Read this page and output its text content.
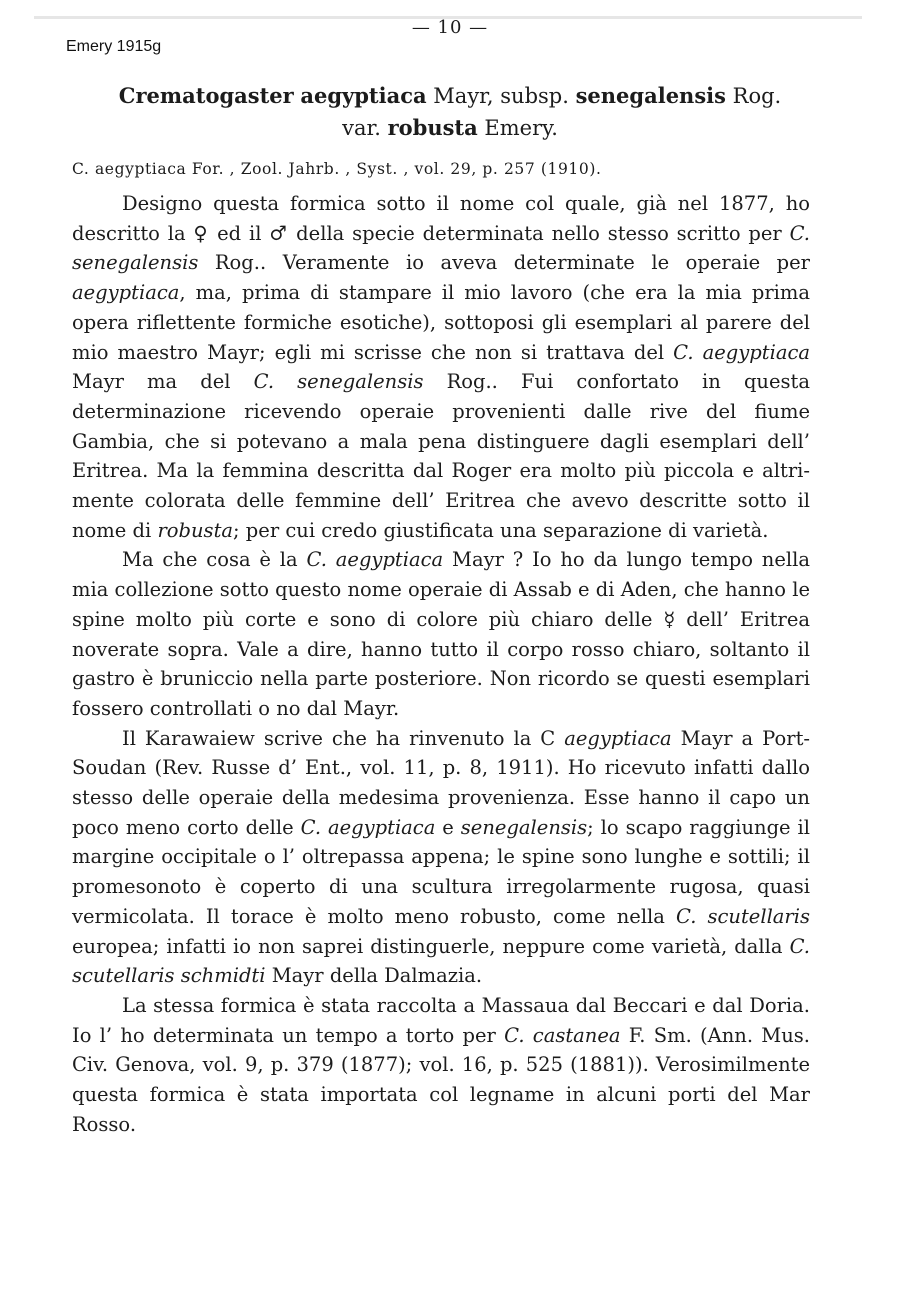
Emery 1915g
— 10 —
Crematogaster aegyptiaca Mayr, subsp. senegalensis Rog.
var. robusta Emery.
C. aegyptiaca For. , Zool. Jahrb. , Syst. , vol. 29, p. 257 (1910).

Designo questa formica sotto il nome col quale, già nel 1877, ho descritto la ♀ ed il ♂ della specie determinata nello stesso scritto per C. senegalensis Rog.. Veramente io aveva determinate le operaie per aegyptiaca, ma, prima di stampare il mio lavoro (che era la mia prima opera riflettente formiche esotiche), sottoposi gli esemplari al parere del mio maestro Mayr; egli mi scrisse che non si trattava del C. aegyptiaca Mayr ma del C. senegalensis Rog.. Fui confortato in questa determinazione ricevendo operaie provenienti dalle rive del fiume Gambia, che si potevano a mala pena distinguere dagli esemplari dell’ Eritrea. Ma la femmina descritta dal Roger era molto più piccola e altrimente colorata delle femmine dell’ Eritrea che avevo descritte sotto il nome di robusta; per cui credo giustificata una separazione di varietà.

Ma che cosa è la C. aegyptiaca Mayr ? Io ho da lungo tempo nella mia collezione sotto questo nome operaie di Assab e di Aden, che hanno le spine molto più corte e sono di colore più chiaro delle ☿ dell’ Eritrea noverate sopra. Vale a dire, hanno tutto il corpo rosso chiaro, soltanto il gastro è bruniccio nella parte posteriore. Non ricordo se questi esemplari fossero controllati o no dal Mayr.

Il Karawaiew scrive che ha rinvenuto la C aegyptiaca Mayr a Port-Soudan (Rev. Russe d’ Ent., vol. 11, p. 8, 1911). Ho ricevuto infatti dallo stesso delle operaie della medesima provenienza. Esse hanno il capo un poco meno corto delle C. aegyptiaca e senegalensis; lo scapo raggiunge il margine occipitale o l’ oltrepassa appena; le spine sono lunghe e sottili; il promesonoto è coperto di una scultura irregolarmente rugosa, quasi vermicolata. Il torace è molto meno robusto, come nella C. scutellaris europea; infatti io non saprei distinguerle, neppure come varietà, dalla C. scutellaris schmidti Mayr della Dalmazia.

La stessa formica è stata raccolta a Massaua dal Beccari e dal Doria. Io l’ ho determinata un tempo a torto per C. castanea F. Sm. (Ann. Mus. Civ. Genova, vol. 9, p. 379 (1877); vol. 16, p. 525 (1881)). Verosimilmente questa formica è stata importata col legname in alcuni porti del Mar Rosso.
